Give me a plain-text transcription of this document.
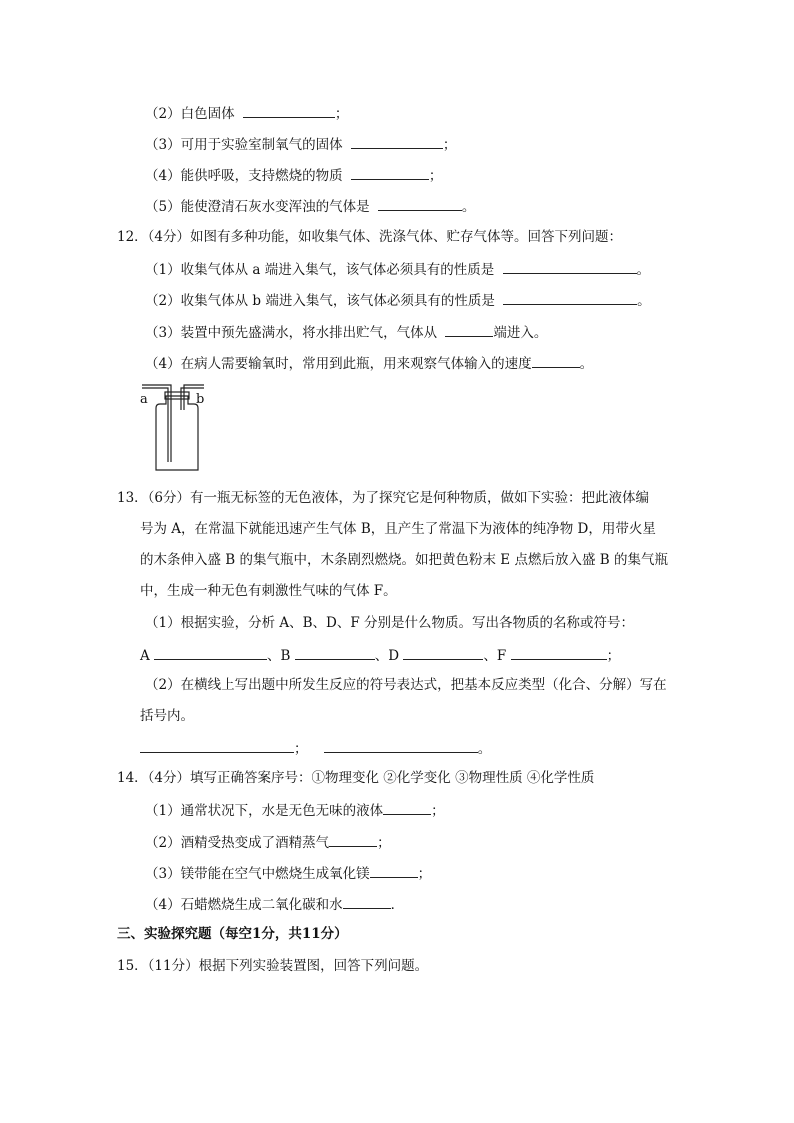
（2）白色固体	；
（3）可用于实验室制氧气的固体	；
（4）能供呼吸，支持燃烧的物质	；
（5）能使澄清石灰水变浑浊的气体是	。
12．（4分）如图有多种功能，如收集气体、洗涤气体、贮存气体等。回答下列问题：
（1）收集气体从 a 端进入集气，该气体必须具有的性质是	。
（2）收集气体从 b 端进入集气，该气体必须具有的性质是	。
（3）装置中预先盛满水，将水排出贮气，气体从	端进入。
（4）在病人需要输氧时，常用到此瓶，用来观察气体输入的速度	。
a	b
13．（6分）有一瓶无标签的无色液体，为了探究它是何种物质，做如下实验：把此液体编
号为 A，在常温下就能迅速产生气体 B，且产生了常温下为液体的纯净物 D，用带火星
的木条伸入盛 B 的集气瓶中，木条剧烈燃烧。如把黄色粉末 E 点燃后放入盛 B 的集气瓶
中，生成一种无色有刺激性气味的气体 F。
（1）根据实验，分析 A、B、D、F 分别是什么物质。写出各物质的名称或符号：
A	、B	、D	、F	；
（2）在横线上写出题中所发生反应的符号表达式，把基本反应类型（化合、分解）写在
括号内。
；	。
14．（4分）填写正确答案序号：①物理变化 ②化学变化 ③物理性质 ④化学性质
（1）通常状况下，水是无色无味的液体	；
（2）酒精受热变成了酒精蒸气	；
（3）镁带能在空气中燃烧生成氧化镁	；
（4）石蜡燃烧生成二氧化碳和水	．
三、实验探究题（每空1分，共11分）
15．（11分）根据下列实验装置图，回答下列问题。
